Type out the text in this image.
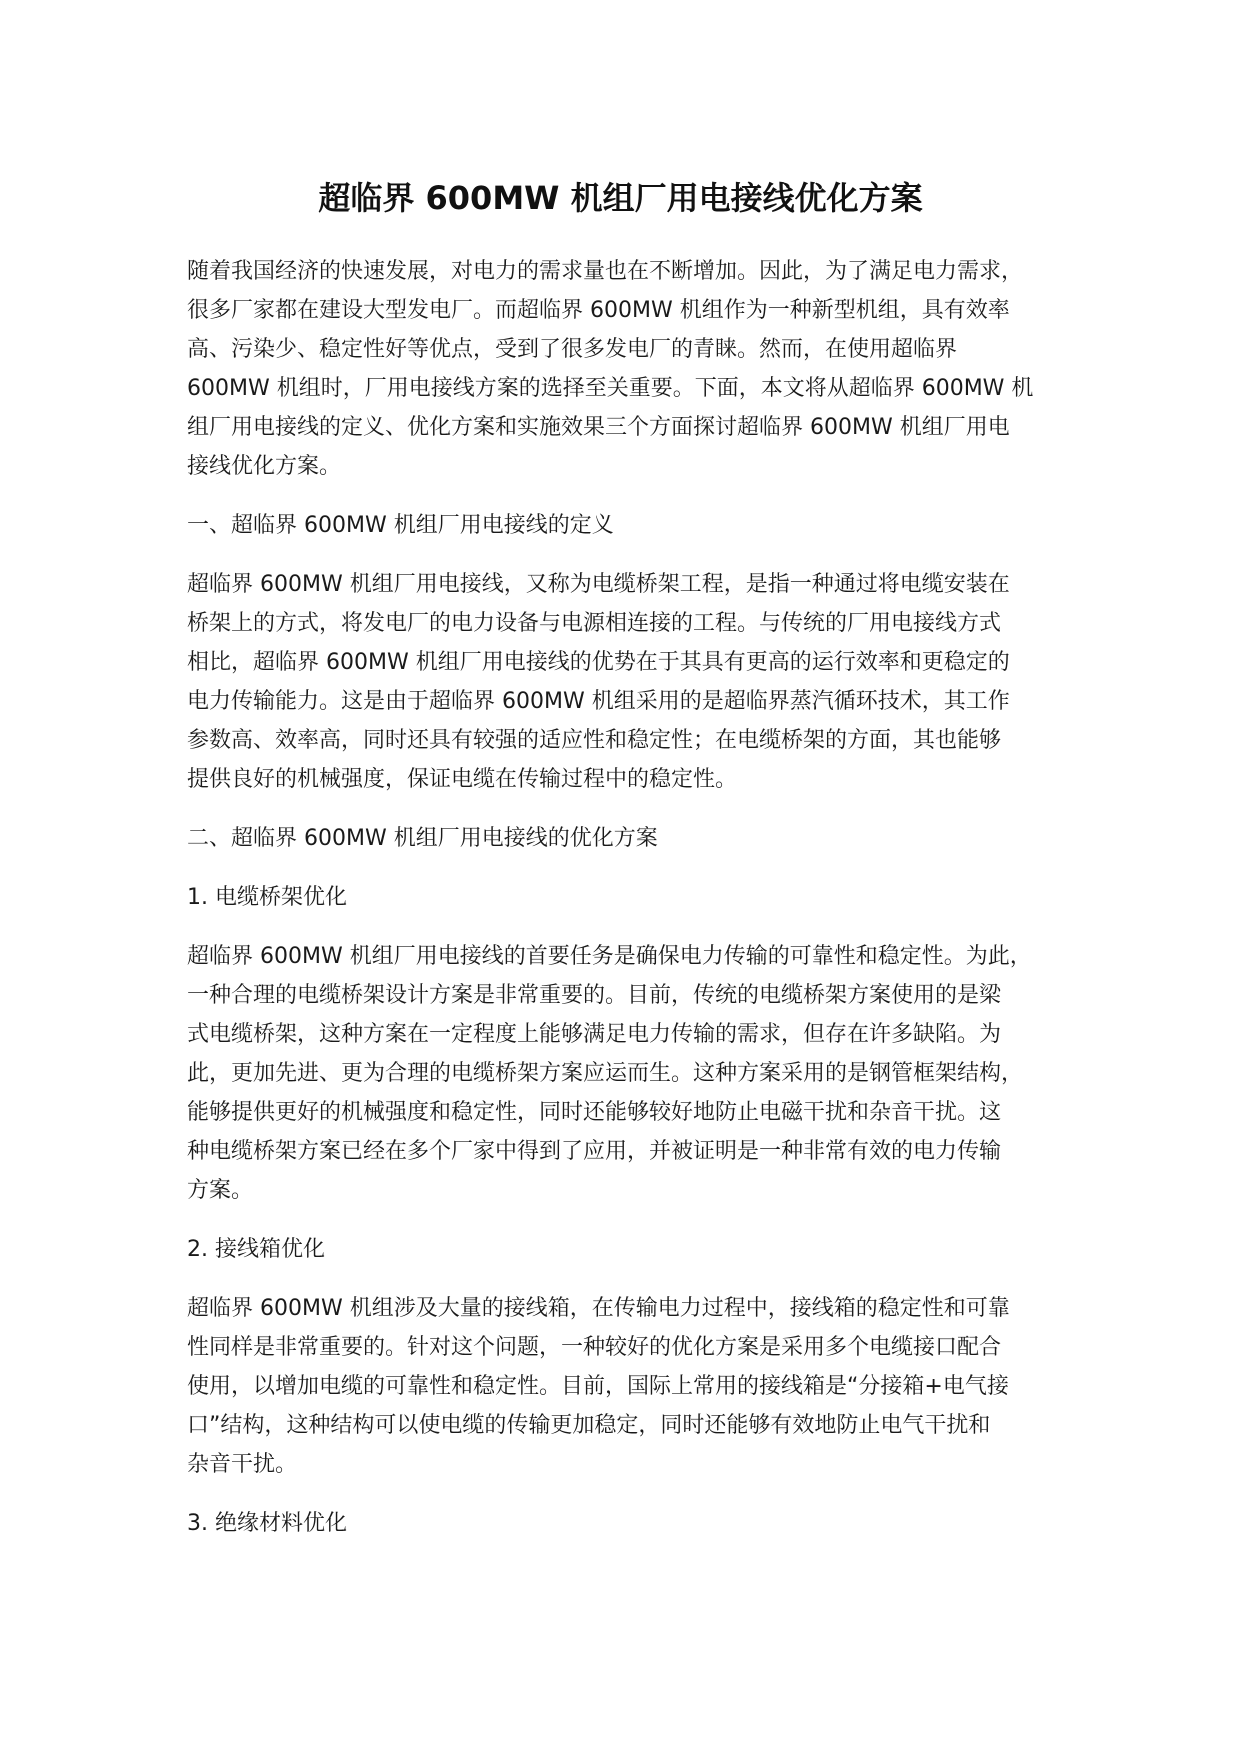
超临界 600MW 机组厂用电接线优化方案

随着我国经济的快速发展，对电力的需求量也在不断增加。因此，为了满足电力需求，
很多厂家都在建设大型发电厂。而超临界 600MW 机组作为一种新型机组，具有效率
高、污染少、稳定性好等优点，受到了很多发电厂的青睐。然而，在使用超临界
600MW 机组时，厂用电接线方案的选择至关重要。下面，本文将从超临界 600MW 机
组厂用电接线的定义、优化方案和实施效果三个方面探讨超临界 600MW 机组厂用电
接线优化方案。

一、超临界 600MW 机组厂用电接线的定义

超临界 600MW 机组厂用电接线，又称为电缆桥架工程，是指一种通过将电缆安装在
桥架上的方式，将发电厂的电力设备与电源相连接的工程。与传统的厂用电接线方式
相比，超临界 600MW 机组厂用电接线的优势在于其具有更高的运行效率和更稳定的
电力传输能力。这是由于超临界 600MW 机组采用的是超临界蒸汽循环技术，其工作
参数高、效率高，同时还具有较强的适应性和稳定性；在电缆桥架的方面，其也能够
提供良好的机械强度，保证电缆在传输过程中的稳定性。

二、超临界 600MW 机组厂用电接线的优化方案

1. 电缆桥架优化

超临界 600MW 机组厂用电接线的首要任务是确保电力传输的可靠性和稳定性。为此，
一种合理的电缆桥架设计方案是非常重要的。目前，传统的电缆桥架方案使用的是梁
式电缆桥架，这种方案在一定程度上能够满足电力传输的需求，但存在许多缺陷。为
此，更加先进、更为合理的电缆桥架方案应运而生。这种方案采用的是钢管框架结构，
能够提供更好的机械强度和稳定性，同时还能够较好地防止电磁干扰和杂音干扰。这
种电缆桥架方案已经在多个厂家中得到了应用，并被证明是一种非常有效的电力传输
方案。

2. 接线箱优化

超临界 600MW 机组涉及大量的接线箱，在传输电力过程中，接线箱的稳定性和可靠
性同样是非常重要的。针对这个问题，一种较好的优化方案是采用多个电缆接口配合
使用，以增加电缆的可靠性和稳定性。目前，国际上常用的接线箱是“分接箱+电气接
口”结构，这种结构可以使电缆的传输更加稳定，同时还能够有效地防止电气干扰和
杂音干扰。

3. 绝缘材料优化
